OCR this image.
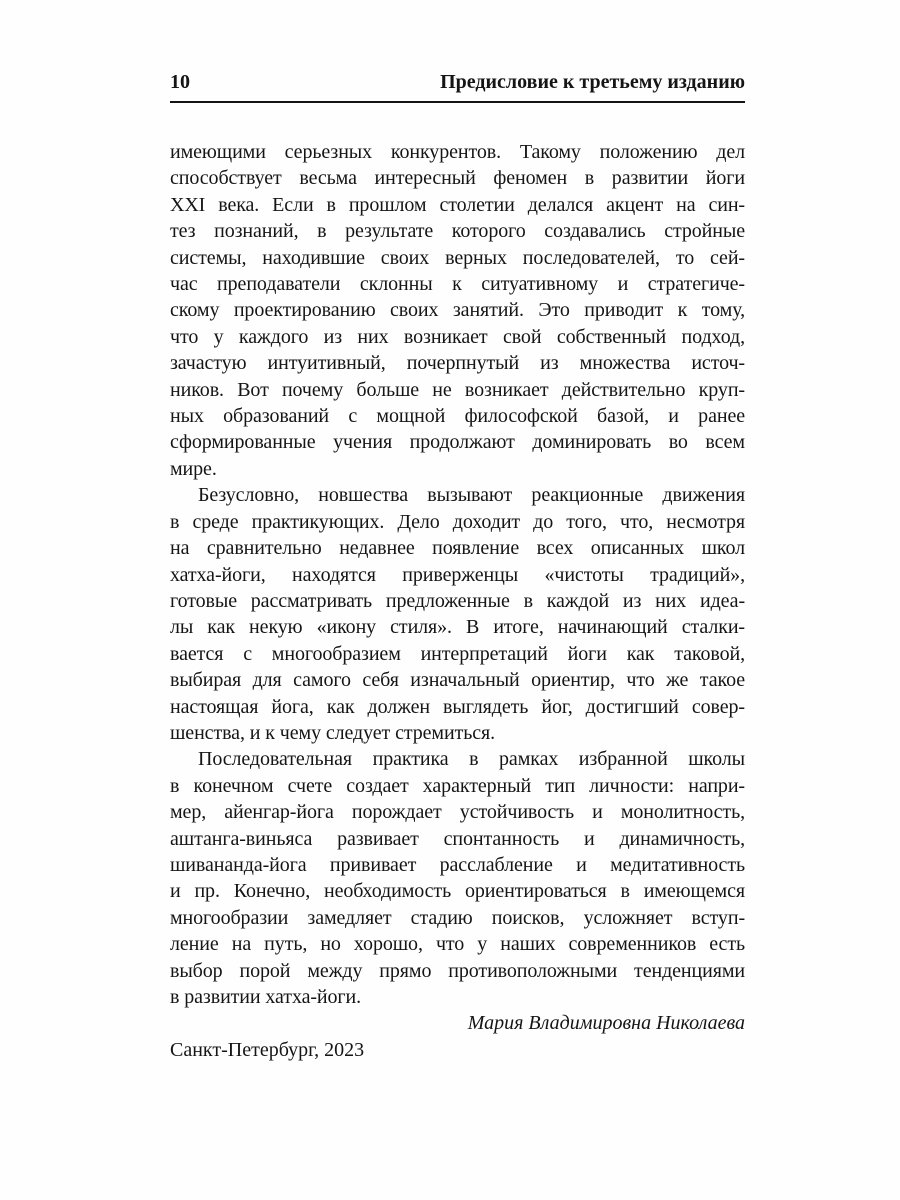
10	Предисловие к третьему изданию
имеющими серьезных конкурентов. Такому положению дел
способствует весьма интересный феномен в развитии йоги
XXI века. Если в прошлом столетии делался акцент на син-
тез познаний, в результате которого создавались стройные
системы, находившие своих верных последователей, то сей-
час преподаватели склонны к ситуативному и стратегиче-
скому проектированию своих занятий. Это приводит к тому,
что у каждого из них возникает свой собственный подход,
зачастую интуитивный, почерпнутый из множества источ-
ников. Вот почему больше не возникает действительно круп-
ных образований с мощной философской базой, и ранее
сформированные учения продолжают доминировать во всем
мире.
Безусловно, новшества вызывают реакционные движения
в среде практикующих. Дело доходит до того, что, несмотря
на сравнительно недавнее появление всех описанных школ
хатха-йоги, находятся приверженцы «чистоты традиций»,
готовые рассматривать предложенные в каждой из них идеа-
лы как некую «икону стиля». В итоге, начинающий сталки-
вается с многообразием интерпретаций йоги как таковой,
выбирая для самого себя изначальный ориентир, что же такое
настоящая йога, как должен выглядеть йог, достигший совер-
шенства, и к чему следует стремиться.
Последовательная практика в рамках избранной школы
в конечном счете создает характерный тип личности: напри-
мер, айенгар-йога порождает устойчивость и монолитность,
аштанга-виньяса развивает спонтанность и динамичность,
шивананда-йога прививает расслабление и медитативность
и пр. Конечно, необходимость ориентироваться в имеющемся
многообразии замедляет стадию поисков, усложняет вступ-
ление на путь, но хорошо, что у наших современников есть
выбор порой между прямо противоположными тенденциями
в развитии хатха-йоги.
Мария Владимировна Николаева
Санкт-Петербург, 2023
